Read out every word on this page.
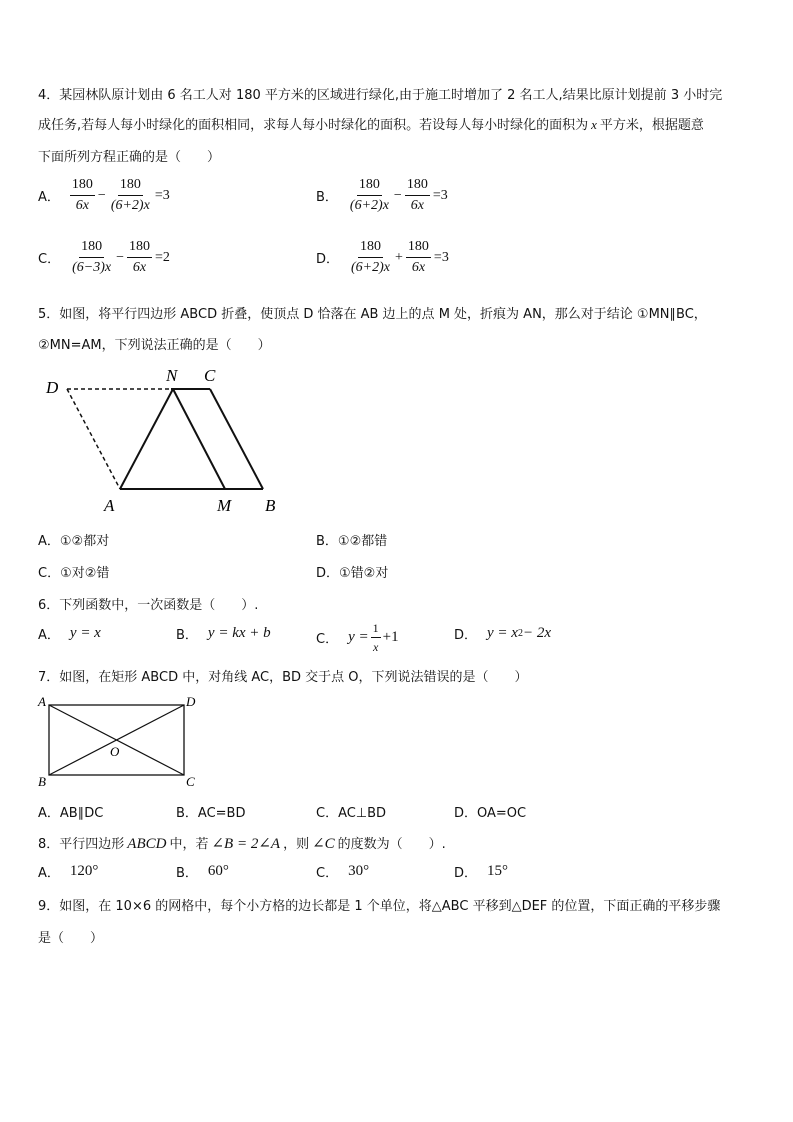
4．某园林队原计划由 6 名工人对 180 平方米的区域进行绿化,由于施工时增加了 2 名工人,结果比原计划提前 3 小时完
成任务,若每人每小时绿化的面积相同，求每人每小时绿化的面积。若设每人每小时绿化的面积为 x 平方米，根据题意
下面所列方程正确的是（　　）
A． $\frac{180}{6x} - \frac{180}{(6+2)x} =3$	B． $\frac{180}{(6+2)x} - \frac{180}{6x} =3$
C． $\frac{180}{(6-3)x} - \frac{180}{6x} =2$	D． $\frac{180}{(6+2)x} + \frac{180}{6x} =3$
5．如图，将平行四边形 ABCD 折叠，使顶点 D 恰落在 AB 边上的点 M 处，折痕为 AN，那么对于结论 ①MN∥BC，
②MN=AM，下列说法正确的是（　　）
D
N C
A	M B
A．①②都对	B．①②都错
C．①对②错	D．①错②对
6．下列函数中，一次函数是（　　）.
A． y = x	B． y = kx + b	C． $y = \frac{1}{x} +1$	D． y = x 2 − 2x
7．如图，在矩形 ABCD 中，对角线 AC，BD 交于点 O，下列说法错误的是（　　）
A	D
B	C
O
A．AB∥DC	B．AC=BD	C．AC⊥BD	D．OA=OC
8．平行四边形 ABCD 中，若 ∠B = 2∠A ，则 ∠C 的度数为（　　）.
A． 120°	B． 60°	C． 30°	D． 15°
9．如图，在 10×6 的网格中，每个小方格的边长都是 1 个单位，将△ABC 平移到△DEF 的位置，下面正确的平移步骤
是（　　）
